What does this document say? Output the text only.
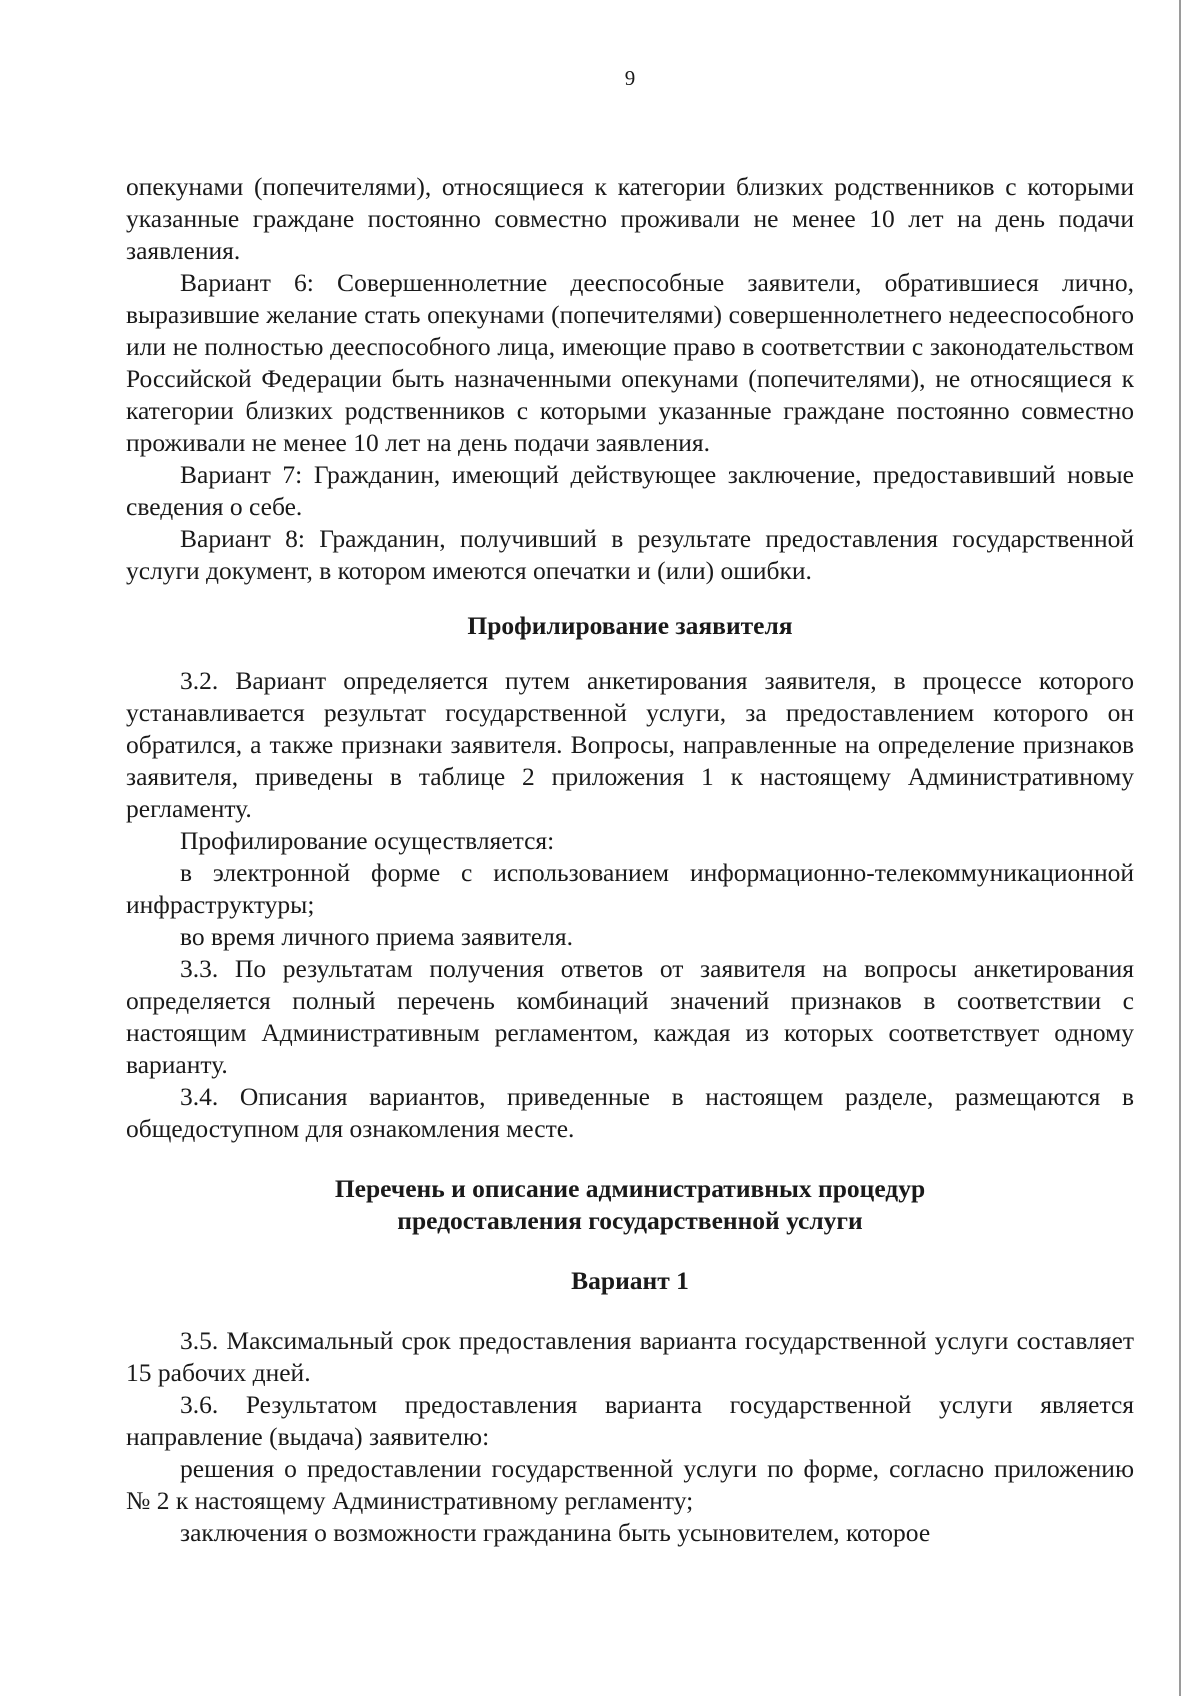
9

опекунами (попечителями), относящиеся к категории близких родственников с которыми указанные граждане постоянно совместно проживали не менее 10 лет на день подачи заявления.

Вариант 6: Совершеннолетние дееспособные заявители, обратившиеся лично, выразившие желание стать опекунами (попечителями) совершеннолетнего недееспособного или не полностью дееспособного лица, имеющие право в соответствии с законодательством Российской Федерации быть назначенными опекунами (попечителями), не относящиеся к категории близких родственников с которыми указанные граждане постоянно совместно проживали не менее 10 лет на день подачи заявления.

Вариант 7: Гражданин, имеющий действующее заключение, предоставивший новые сведения о себе.

Вариант 8: Гражданин, получивший в результате предоставления государственной услуги документ, в котором имеются опечатки и (или) ошибки.

Профилирование заявителя

3.2. Вариант определяется путем анкетирования заявителя, в процессе которого устанавливается результат государственной услуги, за предоставлением которого он обратился, а также признаки заявителя. Вопросы, направленные на определение признаков заявителя, приведены в таблице 2 приложения 1 к настоящему Административному регламенту.

Профилирование осуществляется:

в электронной форме с использованием информационно-телекоммуникационной инфраструктуры;

во время личного приема заявителя.

3.3. По результатам получения ответов от заявителя на вопросы анкетирования определяется полный перечень комбинаций значений признаков в соответствии с настоящим Административным регламентом, каждая из которых соответствует одному варианту.

3.4. Описания вариантов, приведенные в настоящем разделе, размещаются в общедоступном для ознакомления месте.

Перечень и описание административных процедур
предоставления государственной услуги
Вариант 1

3.5. Максимальный срок предоставления варианта государственной услуги составляет 15 рабочих дней.

3.6. Результатом предоставления варианта государственной услуги является направление (выдача) заявителю:

решения о предоставлении государственной услуги по форме, согласно приложению № 2 к настоящему Административному регламенту;

заключения о возможности гражданина быть усыновителем, которое
